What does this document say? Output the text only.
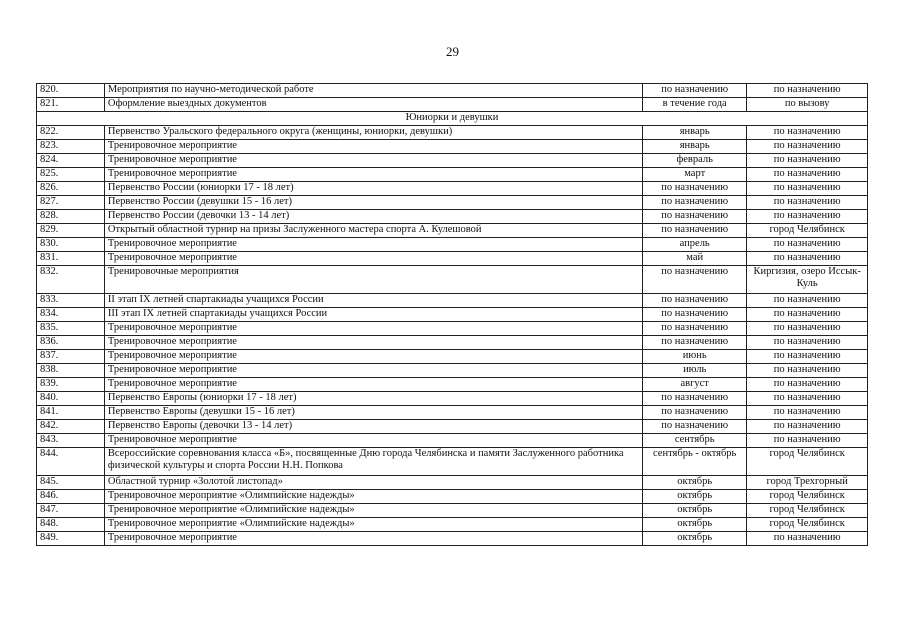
29
820.	Мероприятия по научно-методической работе	по назначению	по назначению

821.	Оформление выездных документов	в течение года	по вызову

Юниорки и девушки			

822.	Первенство Уральского федерального округа (женщины, юниорки, девушки)	январь	по назначению

823.	Тренировочное мероприятие	январь	по назначению

824.	Тренировочное мероприятие	февраль	по назначению

825.	Тренировочное мероприятие	март	по назначению

826.	Первенство России (юниорки 17 - 18 лет)	по назначению	по назначению

827.	Первенство России (девушки 15 - 16 лет)	по назначению	по назначению

828.	Первенство России (девочки 13 - 14 лет)	по назначению	по назначению

829.	Открытый областной турнир на призы Заслуженного мастера спорта А. Кулешовой	по назначению	город Челябинск

830.	Тренировочное мероприятие	апрель	по назначению

831.	Тренировочное мероприятие	май	по назначению

832.	Тренировочные мероприятия	по назначению	Киргизия, озеро Иссык-Куль

833.	II этап IX летней спартакиады учащихся России	по назначению	по назначению

834.	III этап IX летней спартакиады учащихся России	по назначению	по назначению

835.	Тренировочное мероприятие	по назначению	по назначению

836.	Тренировочное мероприятие	по назначению	по назначению

837.	Тренировочное мероприятие	июнь	по назначению

838.	Тренировочное мероприятие	июль	по назначению

839.	Тренировочное мероприятие	август	по назначению

840.	Первенство Европы (юниорки 17 - 18 лет)	по назначению	по назначению

841.	Первенство Европы (девушки 15 - 16 лет)	по назначению	по назначению

842.	Первенство Европы (девочки 13 - 14 лет)	по назначению	по назначению

843.	Тренировочное мероприятие	сентябрь	по назначению

844.	Всероссийские соревнования класса «Б», посвященные Дню города Челябинска и памяти Заслуженного работника физической культуры и спорта России Н.Н. Попкова	сентябрь - октябрь	город Челябинск

845.	Областной турнир «Золотой листопад»	октябрь	город Трехгорный

846.	Тренировочное мероприятие «Олимпийские надежды»	октябрь	город Челябинск

847.	Тренировочное мероприятие «Олимпийские надежды»	октябрь	город Челябинск

848.	Тренировочное мероприятие «Олимпийские надежды»	октябрь	город Челябинск

849.	Тренировочное мероприятие	октябрь	по назначению
